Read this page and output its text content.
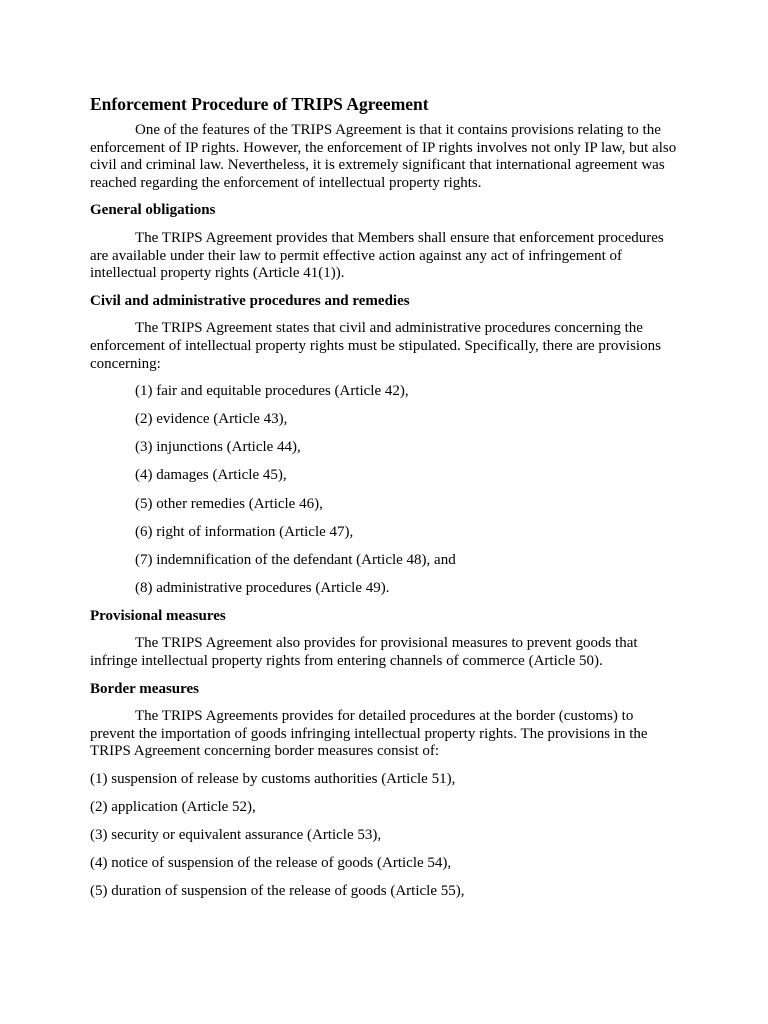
Enforcement Procedure of TRIPS Agreement

One of the features of the TRIPS Agreement is that it contains provisions relating to the enforcement of IP rights. However, the enforcement of IP rights involves not only IP law, but also civil and criminal law. Nevertheless, it is extremely significant that international agreement was reached regarding the enforcement of intellectual property rights.

General obligations

The TRIPS Agreement provides that Members shall ensure that enforcement procedures are available under their law to permit effective action against any act of infringement of intellectual property rights (Article 41(1)).

Civil and administrative procedures and remedies

The TRIPS Agreement states that civil and administrative procedures concerning the enforcement of intellectual property rights must be stipulated. Specifically, there are provisions concerning:

(1) fair and equitable procedures (Article 42),
(2) evidence (Article 43),
(3) injunctions (Article 44),
(4) damages (Article 45),
(5) other remedies (Article 46),
(6) right of information (Article 47),
(7) indemnification of the defendant (Article 48), and
(8) administrative procedures (Article 49).
Provisional measures

The TRIPS Agreement also provides for provisional measures to prevent goods that infringe intellectual property rights from entering channels of commerce (Article 50).

Border measures

The TRIPS Agreements provides for detailed procedures at the border (customs) to prevent the importation of goods infringing intellectual property rights. The provisions in the TRIPS Agreement concerning border measures consist of:

(1) suspension of release by customs authorities (Article 51),
(2) application (Article 52),
(3) security or equivalent assurance (Article 53),
(4) notice of suspension of the release of goods (Article 54),
(5) duration of suspension of the release of goods (Article 55),
